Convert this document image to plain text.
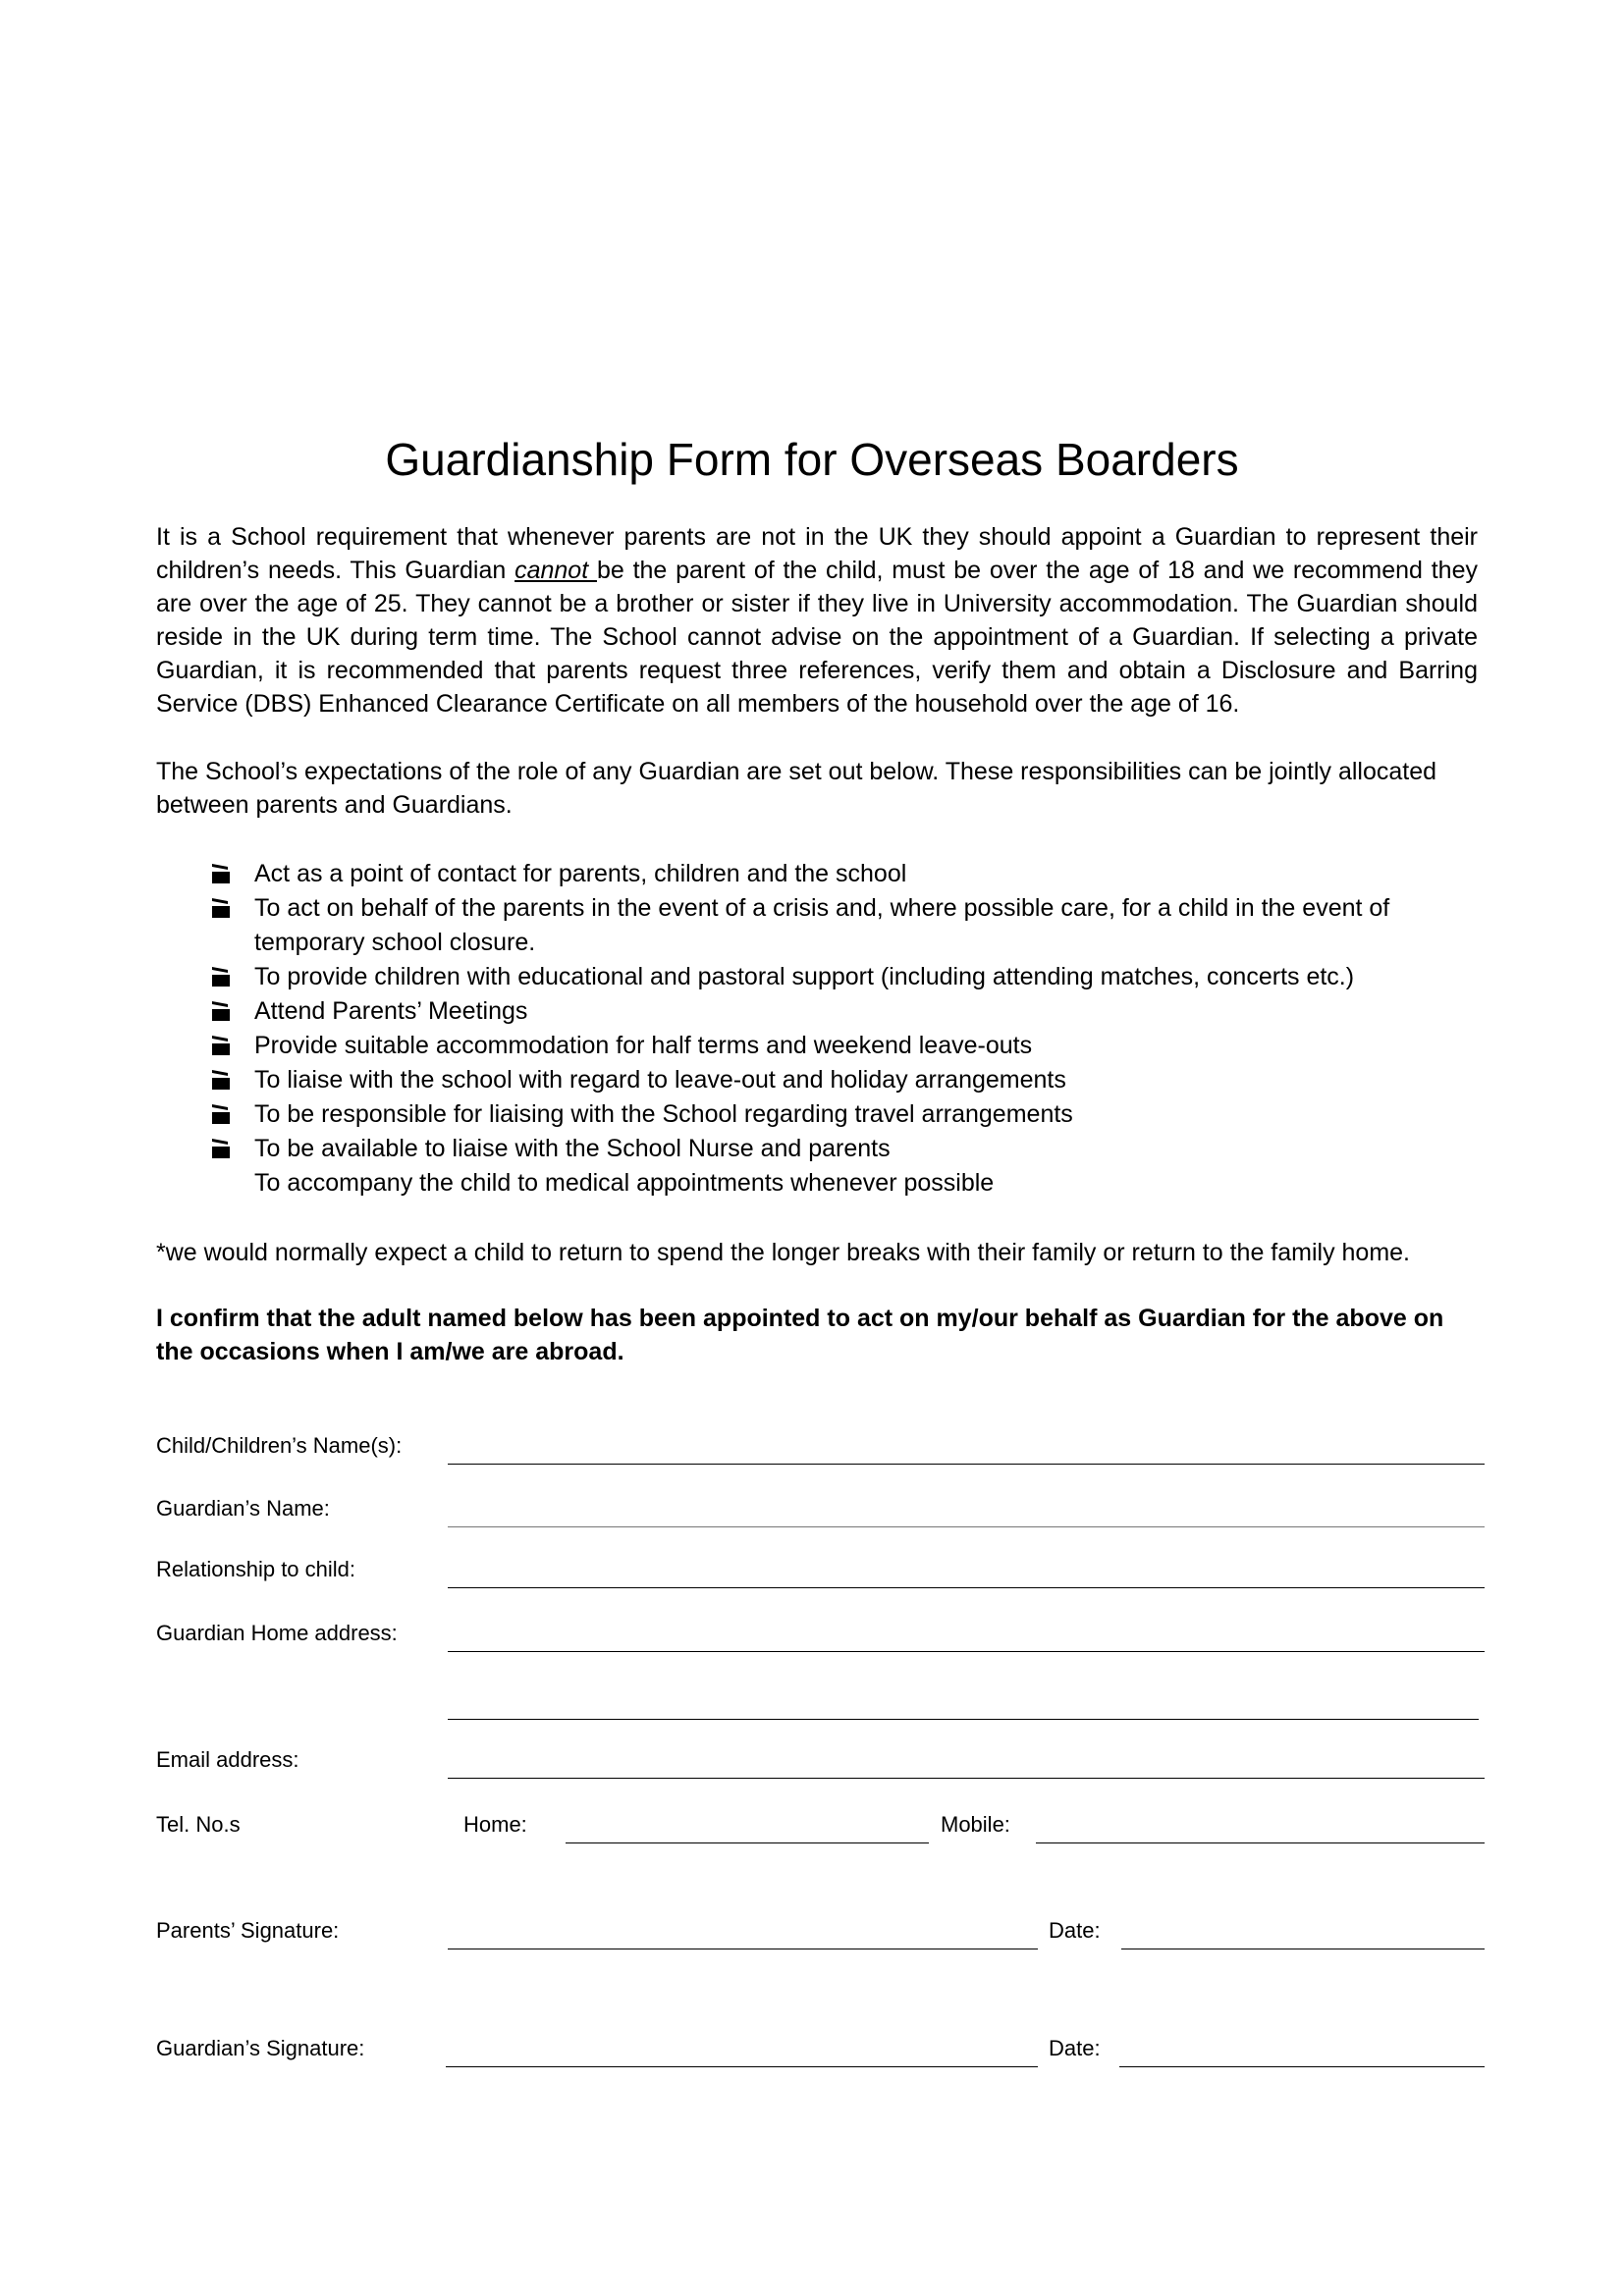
Guardianship Form for Overseas Boarders

It is a School requirement that whenever parents are not in the UK they should appoint a Guardian to represent their children’s needs. This Guardian cannot be the parent of the child, must be over the age of 18 and we recommend they are over the age of 25. They cannot be a brother or sister if they live in University accommodation. The Guardian should reside in the UK during term time. The School cannot advise on the appointment of a Guardian. If selecting a private Guardian, it is recommended that parents request three references, verify them and obtain a Disclosure and Barring Service (DBS) Enhanced Clearance Certificate on all members of the household over the age of 16.

The School’s expectations of the role of any Guardian are set out below. These responsibilities can be jointly allocated between parents and Guardians.

Act as a point of contact for parents, children and the school
To act on behalf of the parents in the event of a crisis and, where possible care, for a child in the event of temporary school closure.
To provide children with educational and pastoral support (including attending matches, concerts etc.)
Attend Parents’ Meetings
Provide suitable accommodation for half terms and weekend leave-outs
To liaise with the school with regard to leave-out and holiday arrangements
To be responsible for liaising with the School regarding travel arrangements
To be available to liaise with the School Nurse and parents
To accompany the child to medical appointments whenever possible

*we would normally expect a child to return to spend the longer breaks with their family or return to the family home.

I confirm that the adult named below has been appointed to act on my/our behalf as Guardian for the above on the occasions when I am/we are abroad.

Child/Children’s Name(s):
Guardian’s Name:
Relationship to child:
Guardian Home address:
Email address:
Tel. No.s	Home:	Mobile:
Parents’ Signature:	Date:
Guardian’s Signature:	Date:
